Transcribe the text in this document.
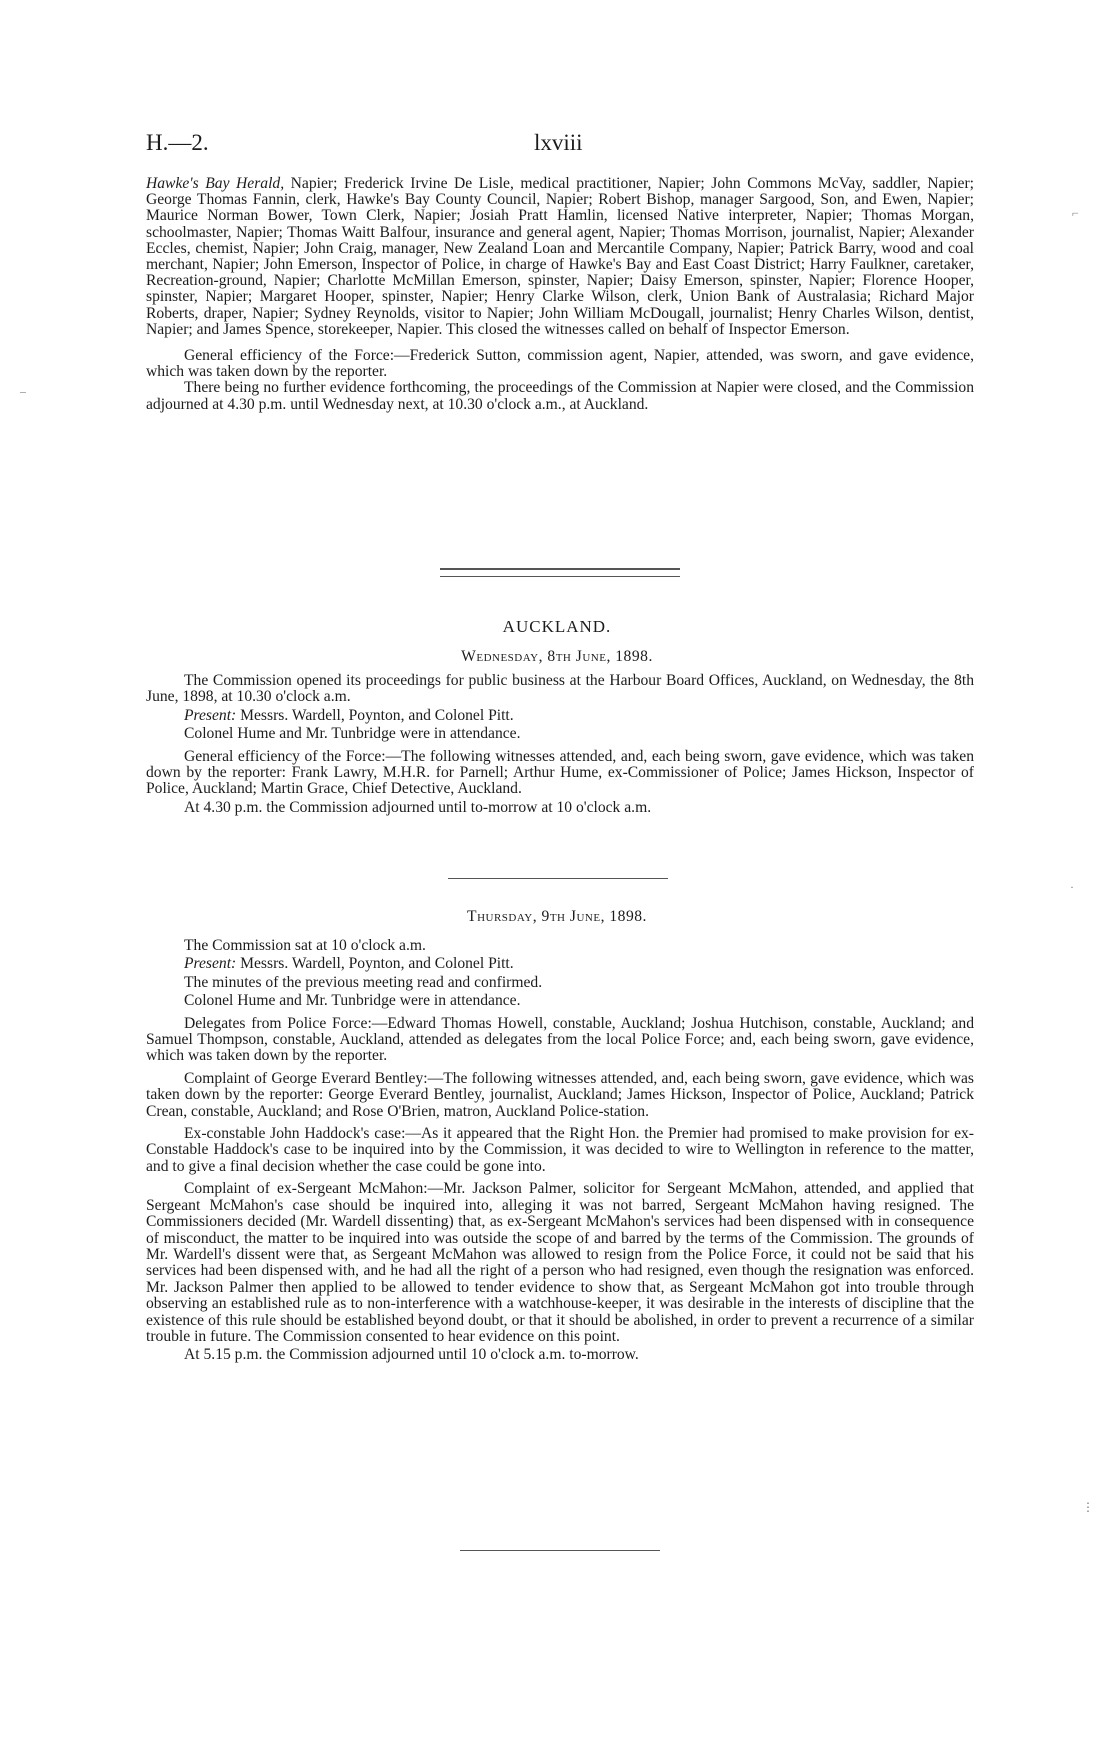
H.—2.	lxviii

Hawke's Bay Herald, Napier; Frederick Irvine De Lisle, medical practitioner, Napier; John Commons McVay, saddler, Napier; George Thomas Fannin, clerk, Hawke's Bay County Council, Napier; Robert Bishop, manager Sargood, Son, and Ewen, Napier; Maurice Norman Bower, Town Clerk, Napier; Josiah Pratt Hamlin, licensed Native interpreter, Napier; Thomas Morgan, schoolmaster, Napier; Thomas Waitt Balfour, insurance and general agent, Napier; Thomas Morrison, journalist, Napier; Alexander Eccles, chemist, Napier; John Craig, manager, New Zealand Loan and Mercantile Company, Napier; Patrick Barry, wood and coal merchant, Napier; John Emerson, Inspector of Police, in charge of Hawke's Bay and East Coast District; Harry Faulkner, caretaker, Recreation-ground, Napier; Charlotte McMillan Emerson, spinster, Napier; Daisy Emerson, spinster, Napier; Florence Hooper, spinster, Napier; Margaret Hooper, spinster, Napier; Henry Clarke Wilson, clerk, Union Bank of Australasia; Richard Major Roberts, draper, Napier; Sydney Reynolds, visitor to Napier; John William McDougall, journalist; Henry Charles Wilson, dentist, Napier; and James Spence, storekeeper, Napier. This closed the witnesses called on behalf of Inspector Emerson.

General efficiency of the Force:—Frederick Sutton, commission agent, Napier, attended, was sworn, and gave evidence, which was taken down by the reporter.

There being no further evidence forthcoming, the proceedings of the Commission at Napier were closed, and the Commission adjourned at 4.30 p.m. until Wednesday next, at 10.30 o'clock a.m., at Auckland.

AUCKLAND.
Wednesday, 8th June, 1898.

The Commission opened its proceedings for public business at the Harbour Board Offices, Auckland, on Wednesday, the 8th June, 1898, at 10.30 o'clock a.m.

Present: Messrs. Wardell, Poynton, and Colonel Pitt.

Colonel Hume and Mr. Tunbridge were in attendance.

General efficiency of the Force:—The following witnesses attended, and, each being sworn, gave evidence, which was taken down by the reporter: Frank Lawry, M.H.R. for Parnell; Arthur Hume, ex-Commissioner of Police; James Hickson, Inspector of Police, Auckland; Martin Grace, Chief Detective, Auckland.

At 4.30 p.m. the Commission adjourned until to-morrow at 10 o'clock a.m.

Thursday, 9th June, 1898.

The Commission sat at 10 o'clock a.m.

Present: Messrs. Wardell, Poynton, and Colonel Pitt.

The minutes of the previous meeting read and confirmed.

Colonel Hume and Mr. Tunbridge were in attendance.

Delegates from Police Force:—Edward Thomas Howell, constable, Auckland; Joshua Hutchison, constable, Auckland; and Samuel Thompson, constable, Auckland, attended as delegates from the local Police Force; and, each being sworn, gave evidence, which was taken down by the reporter.

Complaint of George Everard Bentley:—The following witnesses attended, and, each being sworn, gave evidence, which was taken down by the reporter: George Everard Bentley, journalist, Auckland; James Hickson, Inspector of Police, Auckland; Patrick Crean, constable, Auckland; and Rose O'Brien, matron, Auckland Police-station.

Ex-constable John Haddock's case:—As it appeared that the Right Hon. the Premier had promised to make provision for ex-Constable Haddock's case to be inquired into by the Commission, it was decided to wire to Wellington in reference to the matter, and to give a final decision whether the case could be gone into.

Complaint of ex-Sergeant McMahon:—Mr. Jackson Palmer, solicitor for Sergeant McMahon, attended, and applied that Sergeant McMahon's case should be inquired into, alleging it was not barred, Sergeant McMahon having resigned. The Commissioners decided (Mr. Wardell dissenting) that, as ex-Sergeant McMahon's services had been dispensed with in consequence of misconduct, the matter to be inquired into was outside the scope of and barred by the terms of the Commission. The grounds of Mr. Wardell's dissent were that, as Sergeant McMahon was allowed to resign from the Police Force, it could not be said that his services had been dispensed with, and he had all the right of a person who had resigned, even though the resignation was enforced. Mr. Jackson Palmer then applied to be allowed to tender evidence to show that, as Sergeant McMahon got into trouble through observing an established rule as to non-interference with a watchhouse-keeper, it was desirable in the interests of discipline that the existence of this rule should be established beyond doubt, or that it should be abolished, in order to prevent a recurrence of a similar trouble in future. The Commission consented to hear evidence on this point.

At 5.15 p.m. the Commission adjourned until 10 o'clock a.m. to-morrow.

⌐
–
·
⋮
